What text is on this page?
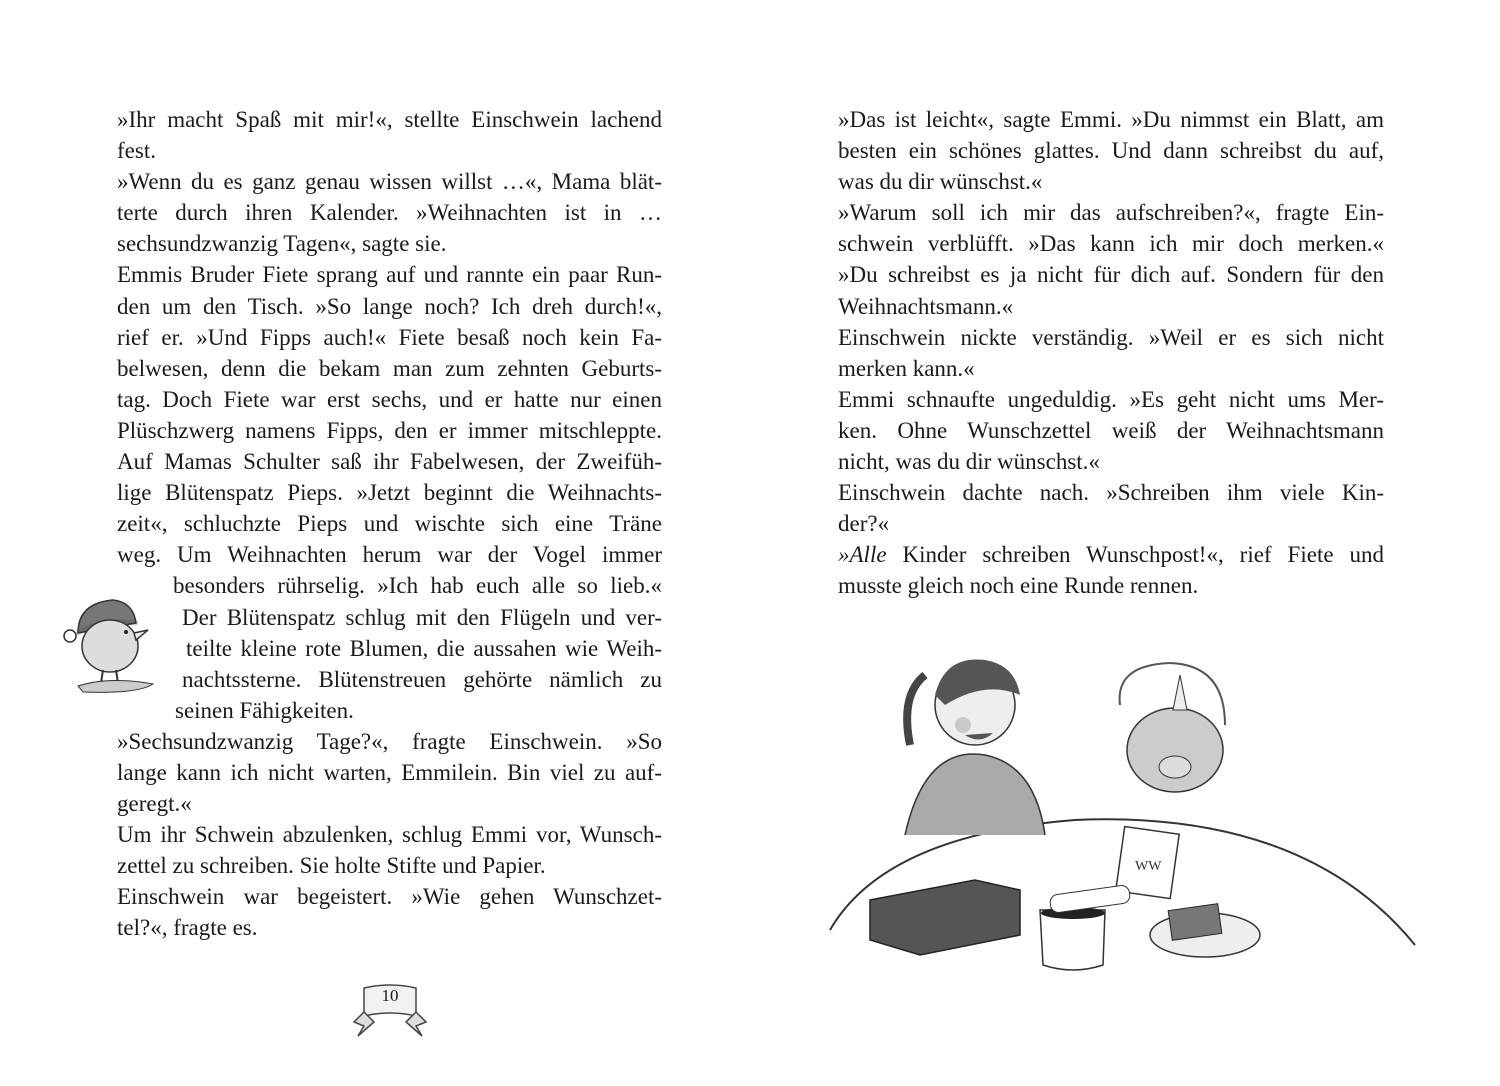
»Ihr macht Spaß mit mir!«, stellte Einschwein lachend
fest.
»Wenn du es ganz genau wissen willst …«, Mama blät-
terte durch ihren Kalender. »Weihnachten ist in …
sechsundzwanzig Tagen«, sagte sie.
Emmis Bruder Fiete sprang auf und rannte ein paar Run-
den um den Tisch. »So lange noch? Ich dreh durch!«,
rief er. »Und Fipps auch!« Fiete besaß noch kein Fa-
belwesen, denn die bekam man zum zehnten Geburts-
tag. Doch Fiete war erst sechs, und er hatte nur einen
Plüschzwerg namens Fipps, den er immer mitschleppte.
Auf Mamas Schulter saß ihr Fabelwesen, der Zweifüh-
lige Blütenspatz Pieps. »Jetzt beginnt die Weihnachts-
zeit«, schluchzte Pieps und wischte sich eine Träne
weg. Um Weihnachten herum war der Vogel immer
besonders rührselig. »Ich hab euch alle so lieb.«
Der Blütenspatz schlug mit den Flügeln und ver-
teilte kleine rote Blumen, die aussahen wie Weih-
nachtssterne. Blütenstreuen gehörte nämlich zu
seinen Fähigkeiten.
»Sechsundzwanzig Tage?«, fragte Einschwein. »So
lange kann ich nicht warten, Emmilein. Bin viel zu auf-
geregt.«
Um ihr Schwein abzulenken, schlug Emmi vor, Wunsch-
zettel zu schreiben. Sie holte Stifte und Papier.
Einschwein war begeistert. »Wie gehen Wunschzet-
tel?«, fragte es.
»Das ist leicht«, sagte Emmi. »Du nimmst ein Blatt, am
besten ein schönes glattes. Und dann schreibst du auf,
was du dir wünschst.«
»Warum soll ich mir das aufschreiben?«, fragte Ein-
schwein verblüfft. »Das kann ich mir doch merken.«
»Du schreibst es ja nicht für dich auf. Sondern für den
Weihnachtsmann.«
Einschwein nickte verständig. »Weil er es sich nicht
merken kann.«
Emmi schnaufte ungeduldig. »Es geht nicht ums Mer-
ken. Ohne Wunschzettel weiß der Weihnachtsmann
nicht, was du dir wünschst.«
Einschwein dachte nach. »Schreiben ihm viele Kin-
der?«
»Alle Kinder schreiben Wunschpost!«, rief Fiete und
musste gleich noch eine Runde rennen.
10
WW
